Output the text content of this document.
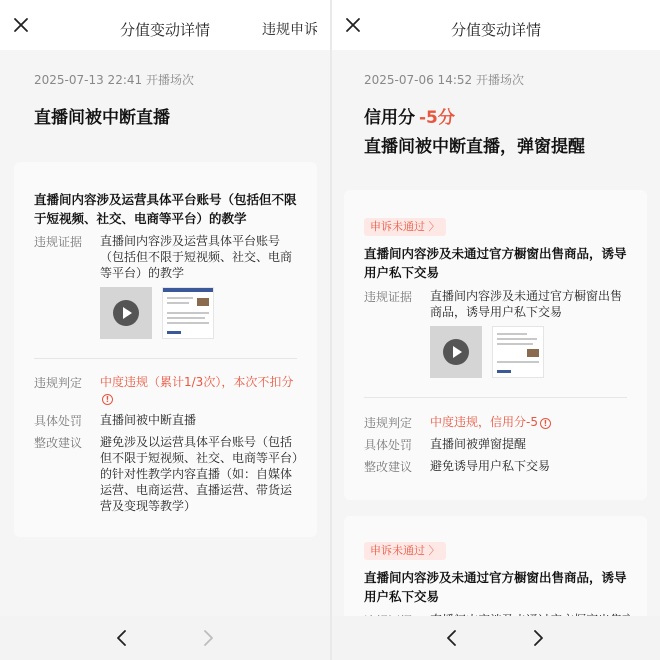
分值变动详情	违规申诉
2025-07-13 22:41 开播场次
直播间被中断直播
直播间内容涉及运营具体平台账号（包括但不限于短视频、社交、电商等平台）的教学
违规证据 直播间内容涉及运营具体平台账号（包括但不限于短视频、社交、电商等平台）的教学
违规判定 中度违规（累计1/3次），本次不扣分!
具体处罚 直播间被中断直播
整改建议 避免涉及以运营具体平台账号（包括但不限于短视频、社交、电商等平台）的针对性教学内容直播（如：自媒体运营、电商运营、直播运营、带货运营及变现等教学）
分值变动详情
2025-07-06 14:52 开播场次
信用分 -5分
直播间被中断直播，弹窗提醒
申诉未通过 〉
直播间内容涉及未通过官方橱窗出售商品，诱导用户私下交易
违规证据 直播间内容涉及未通过官方橱窗出售商品，诱导用户私下交易
违规判定 中度违规，信用分-5 !
具体处罚 直播间被弹窗提醒
整改建议 避免诱导用户私下交易
申诉未通过 〉
直播间内容涉及未通过官方橱窗出售商品，诱导用户私下交易
